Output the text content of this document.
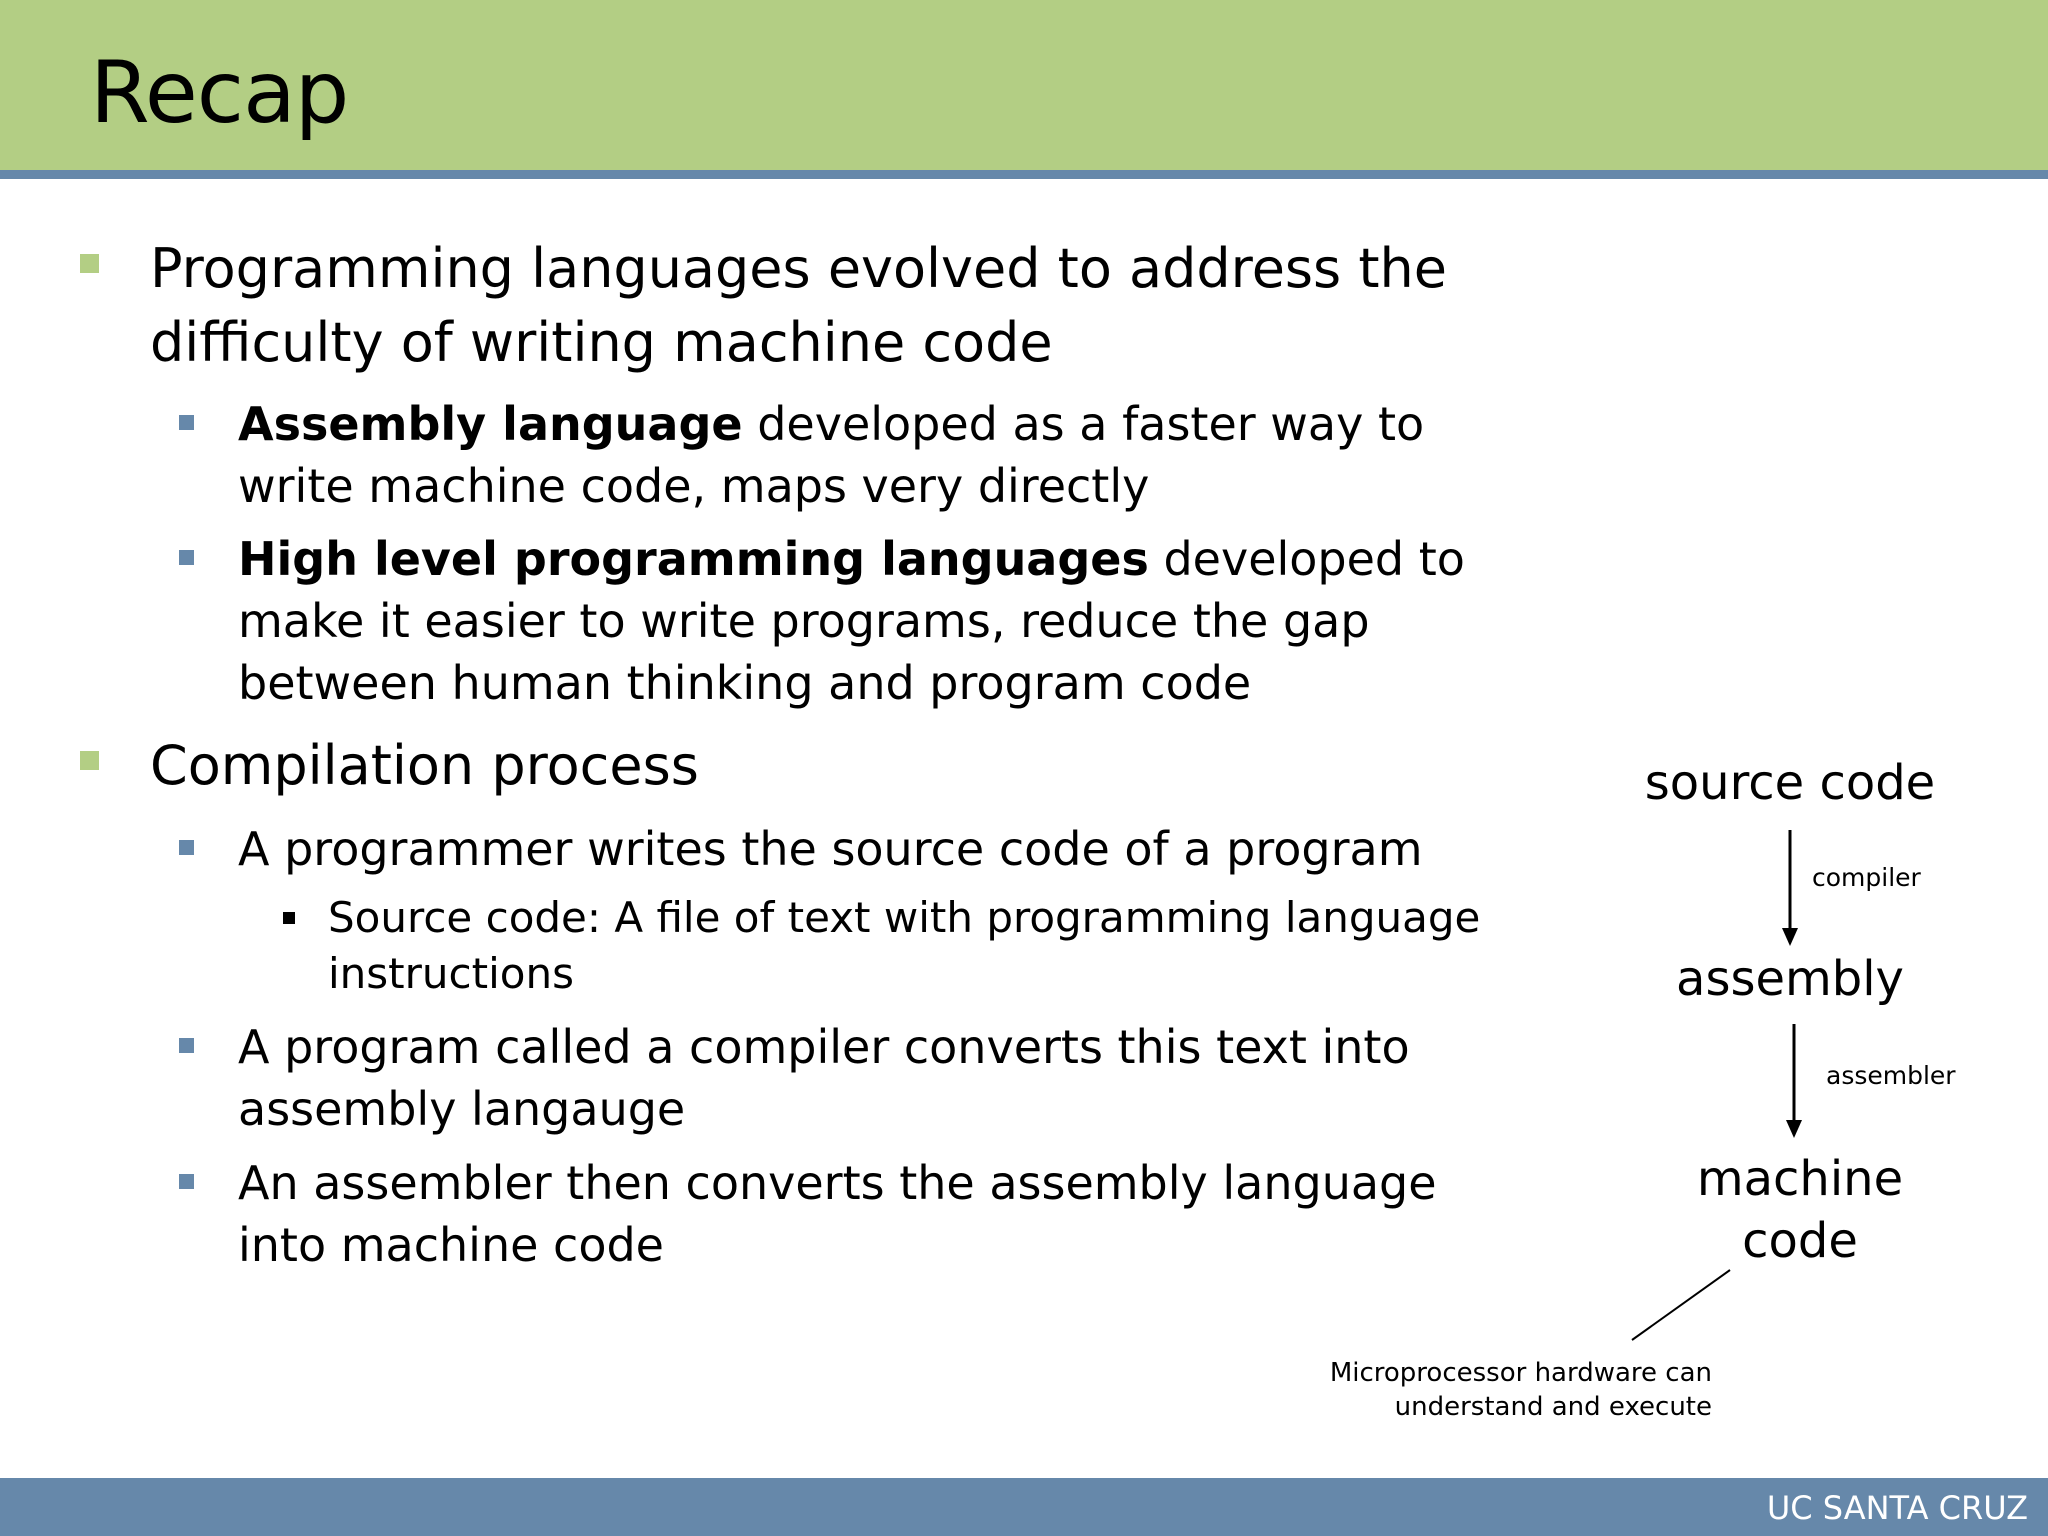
Recap
Programming languages evolved to address the difficulty of writing machine code
Assembly language developed as a faster way to write machine code, maps very directly
High level programming languages developed to make it easier to write programs, reduce the gap between human thinking and program code
Compilation process
A programmer writes the source code of a program
Source code: A file of text with programming language instructions
A program called a compiler converts this text into assembly langauge
An assembler then converts the assembly language into machine code
source code
compiler
assembly
assembler
machine code
Microprocessor hardware can
understand and execute
UC SANTA CRUZ
